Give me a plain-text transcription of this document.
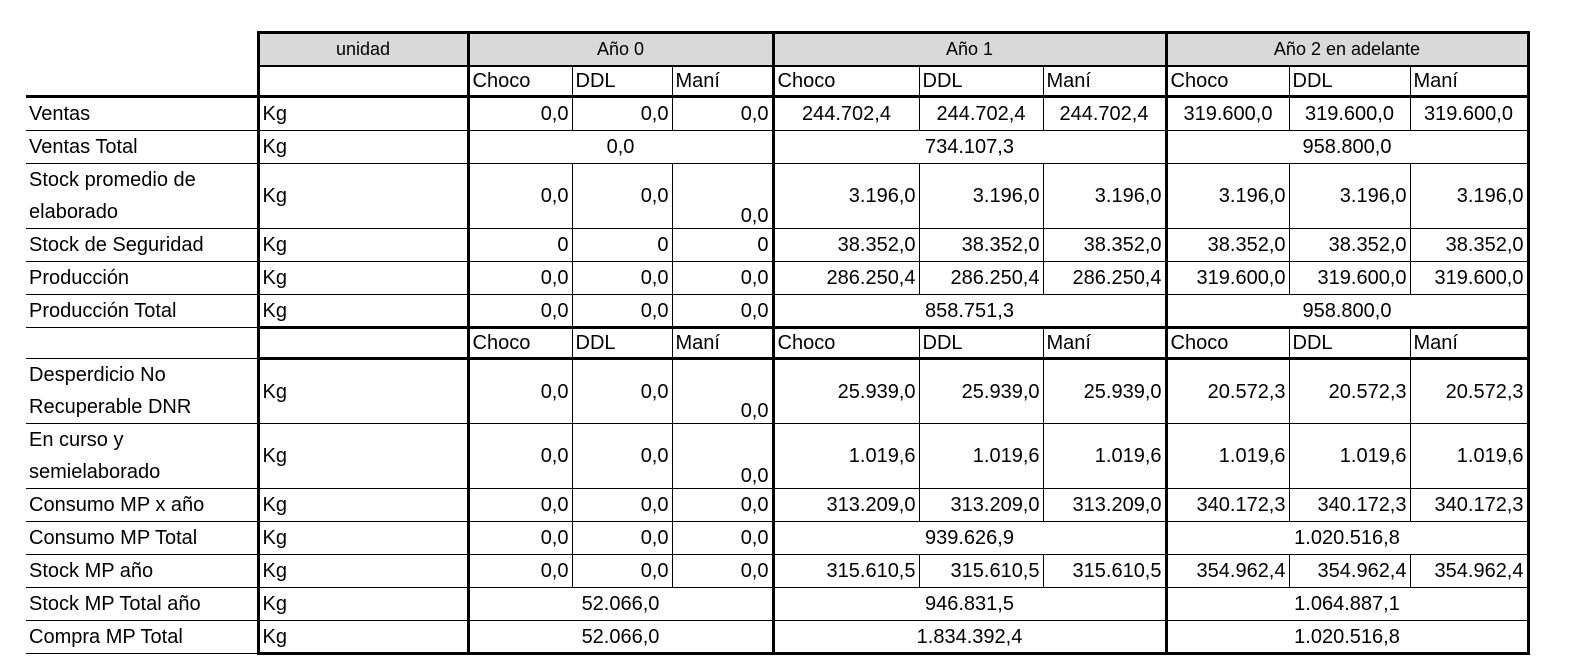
	unidad	Año 0			Año 1			Año 2 en adelante		
		Choco	DDL	Maní	Choco	DDL	Maní	Choco	DDL	Maní
Ventas	Kg	0,0	0,0	0,0	244.702,4	244.702,4	244.702,4	319.600,0	319.600,0	319.600,0
Ventas Total	Kg	0,0			734.107,3			958.800,0		
Stock promedio de elaborado	Kg	0,0	0,0	0,0	3.196,0	3.196,0	3.196,0	3.196,0	3.196,0	3.196,0
Stock de Seguridad	Kg	0	0	0	38.352,0	38.352,0	38.352,0	38.352,0	38.352,0	38.352,0
Producción	Kg	0,0	0,0	0,0	286.250,4	286.250,4	286.250,4	319.600,0	319.600,0	319.600,0
Producción Total	Kg	0,0	0,0	0,0	858.751,3			958.800,0		
		Choco	DDL	Maní	Choco	DDL	Maní	Choco	DDL	Maní
Desperdicio No Recuperable DNR	Kg	0,0	0,0	0,0	25.939,0	25.939,0	25.939,0	20.572,3	20.572,3	20.572,3
En curso y semielaborado	Kg	0,0	0,0	0,0	1.019,6	1.019,6	1.019,6	1.019,6	1.019,6	1.019,6
Consumo MP x año	Kg	0,0	0,0	0,0	313.209,0	313.209,0	313.209,0	340.172,3	340.172,3	340.172,3
Consumo MP Total	Kg	0,0	0,0	0,0	939.626,9			1.020.516,8		
Stock MP año	Kg	0,0	0,0	0,0	315.610,5	315.610,5	315.610,5	354.962,4	354.962,4	354.962,4
Stock MP Total año	Kg	52.066,0			946.831,5			1.064.887,1		
Compra MP Total	Kg	52.066,0			1.834.392,4			1.020.516,8		
